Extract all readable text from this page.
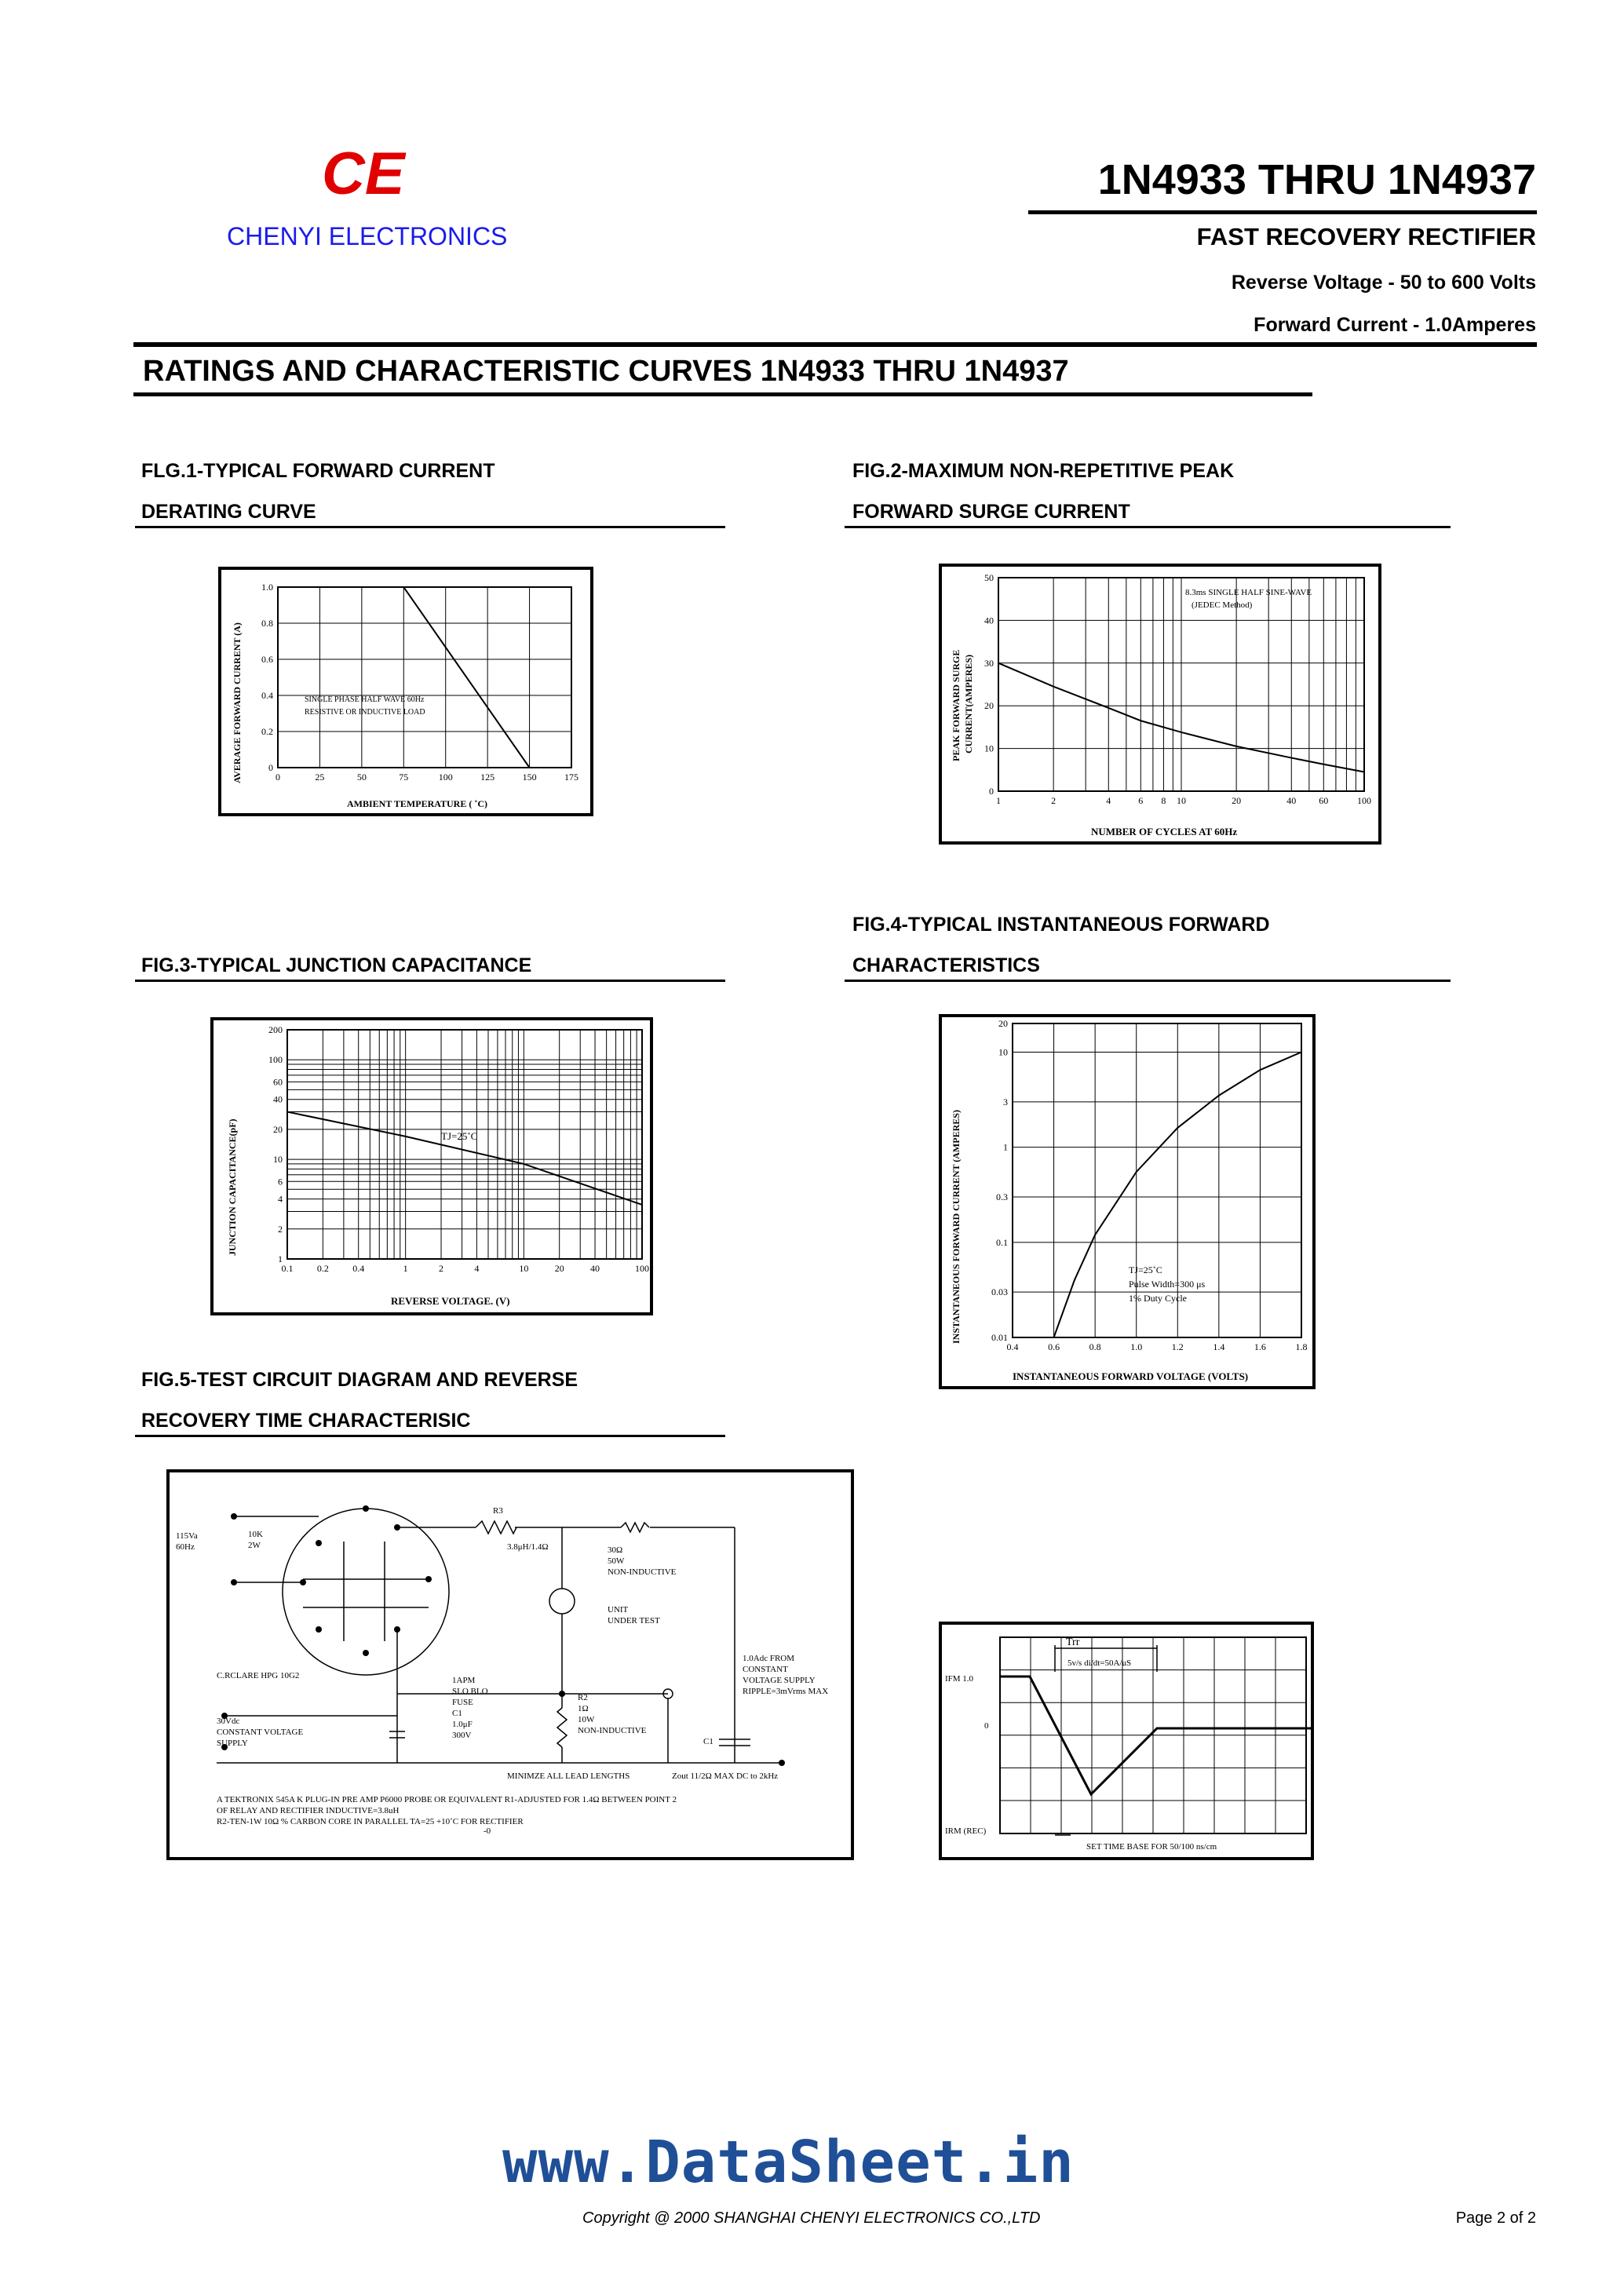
CE
CHENYI ELECTRONICS
1N4933 THRU 1N4937
FAST RECOVERY RECTIFIER
Reverse Voltage - 50 to 600 Volts
Forward Current - 1.0Amperes
RATINGS AND CHARACTERISTIC CURVES 1N4933 THRU 1N4937
FLG.1-TYPICAL FORWARD CURRENT
DERATING CURVE
FIG.2-MAXIMUM NON-REPETITIVE PEAK
FORWARD SURGE CURRENT
FIG.3-TYPICAL JUNCTION CAPACITANCE
FIG.4-TYPICAL INSTANTANEOUS FORWARD
CHARACTERISTICS
FIG.5-TEST CIRCUIT DIAGRAM AND REVERSE
RECOVERY TIME CHARACTERISIC
0	25	50	75	100	125	150	175
0
0.2
0.4
0.6
0.8
1.0
SINGLE PHASE HALF WAVE 60Hz
RESISTIVE OR INDUCTIVE LOAD
AMBIENT TEMPERATURE ( ˚C)
AVERAGE FORWARD CURRENT (A)
1	2	4	6 8 10	20	40 60	100
0
10
20
30
40
50
8.3ms SINGLE HALF SINE-WAVE
(JEDEC Method)
NUMBER OF CYCLES AT 60Hz
PEAK FORWARD SURGE CURRENT(AMPERES)
0.1	0.2	0.4	1	2	4	10	20	40	100
1
2
4
6
10
20
40
60
100
200
TJ=25˚C
REVERSE VOLTAGE. (V)
JUNCTION CAPACITANCE(pF)
0.4	0.6	0.8	1.0	1.2	1.4	1.6	1.8
0.01
0.03
0.1
0.3
1
3
10
20
TJ=25˚C
Pulse Width=300 μs
1% Duty Cycle
INSTANTANEOUS FORWARD VOLTAGE (VOLTS)
INSTANTANEOUS FORWARD CURRENT (AMPERES)
115Va
60Hz
10K
2W
R3
3.8μH/1.4Ω	30Ω
50W
NON-INDUCTIVE
UNIT
UNDER TEST
1.0Adc FROM
CONSTANT
VOLTAGE SUPPLY
RIPPLE=3mVrms MAX
C.RCLARE HPG 10G2	1APM
SLO BLO
FUSE
C1
1.0μF
300V
R2
1Ω
10W
NON-INDUCTIVE
30Vdc
CONSTANT VOLTAGE
SUPPLY	C1
MINIMZE ALL LEAD LENGTHS	Zout 11/2Ω MAX DC to 2kHz
A TEKTRONIX 545A K PLUG-IN PRE AMP P6000 PROBE OR EQUIVALENT R1-ADJUSTED FOR 1.4Ω BETWEEN POINT 2
OF RELAY AND RECTIFIER INDUCTIVE=3.8uH
R2-TEN-1W 10Ω % CARBON CORE IN PARALLEL TA=25 +10˚C FOR RECTIFIER
-0
Trr
5v/s di/dt=50A/uS
IFM 1.0
0
IRM (REC)
SET TIME BASE FOR 50/100 ns/cm
www.DataSheet.in
Copyright @ 2000 SHANGHAI CHENYI ELECTRONICS CO.,LTD	Page 2 of 2
